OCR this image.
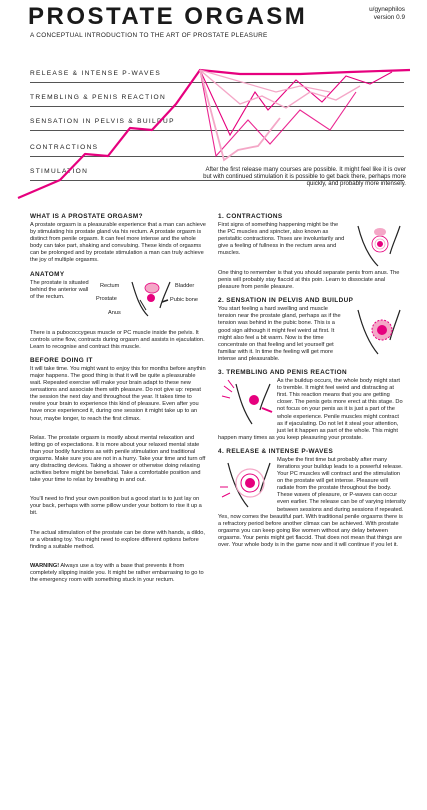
PROSTATE ORGASM
A CONCEPTUAL INTRODUCTION TO THE ART OF PROSTATE PLEASURE
u/gynephilos
version 0.9
RELEASE & INTENSE P-WAVES
TREMBLING & PENIS REACTION
SENSATION IN PELVIS & BUILDUP
CONTRACTIONS
STIMULATION	After the first release many courses are possible. It might feel like it is over but with continued stimulation it is possible to get back there, perhaps more quickly, and probably more intensely.
WHAT IS A PROSTATE ORGASM?

A prostate orgasm is a pleasurable experience that a man can achieve by stimulating his prostate gland via his rectum. A prostate orgasm is distinct from penile orgasm. It can feel more intense and the whole body can take part, shaking and convulsing. These kinds of orgasms can be prolonged and by prostate stimulation a man can truly achieve the joy of multiple orgasms.

ANATOMY
The prostate is situated behind the anterior wall of the rectum.
Rectum
Prostate
Anus
Bladder
Pubic bone

There is a pubococcygeus muscle or PC muscle inside the pelvis. It controls urine flow, contracts during orgasm and assists in ejaculation. Learn to recognise and contract this muscle.

BEFORE DOING IT

It will take time. You might want to enjoy this for months before anythin major happens. The good thing is that it will be quite a pleasurable wait. Repeated exercise will make your brain adapt to these new sensations and associate them with pleasure. Do not give up: repeat the session the next day and throughout the year. It takes time to rewire your brain to experience this kind of pleasure. Even after you have once experienced it, during one session it might take up to an hour, maybe longer, to reach the first climax.

Relax. The prostate orgasm is mostly about mental relaxation and letting go of expectations. It is more about your relaxed mental state than your bodily functions as with penile stimulation and traditional orgasms. Make sure you are not in a hurry. Take your time and turn off any distracting devices. Taking a shower or otherwise doing relaxing activities before might be beneficial. Take a comfortable position and take your time to relax by breathing in and out.

You'll need to find your own position but a good start is to just lay on your back, perhaps with some pillow under your bottom to rise it up a bit.

The actual stimulation of the prostate can be done with hands, a dildo, or a vibrating toy. You might need to explore different options before finding a suitable method.

WARNING! Always use a toy with a base that prevents it from completely slipping inside you. It might be rather embarrasing to go to the emergency room with something stuck in your rectum.

1. CONTRACTIONS

First signs of something happening might be the the PC muscles and spincter, also known as peristaltic contractions. Thses are involuntarily and give a feeling of fullness in the rectum area and muscles.

One thing to remember is that you should separate penis from anus. The penis will probably stay flaccid at this poin. Learn to dissociate anal pleasure from penile pleasure.

2. SENSATION IN PELVIS AND BUILDUP

You start feeling a hard swelling and muscle tension near the prostate gland, perhaps as if the tension was behind in the pubic bone. This is a good sign although it might feel weird at first. It might also feel a bit warm. Now is the time concentrate on that feeling and let yourself get familiar with it. In time the feeling will get more intense and pleasurable.

3. TREMBLING AND PENIS REACTION

As the buildup occurs, the whole body might start to tremble. It might feel weird and distracting at first. This reaction means that you are getting closer. The penis gets more erect at this stage. Do not focus on your penis as it is just a part of the whole experience. Penile muscles might contract as if ejaculating. Do not let it steal your attention, just let it happen as part of the whole. This might happen many times as you keep pleasuring your prostate.

4. RELEASE & INTENSE P-WAVES

Maybe the first time but probably after many iterations your buildup leads to a powerful release. Your PC muscles will contract and the stimulation on the prostate will get intense. Pleasure will radiate from the prostate throughout the body. These waves of pleasure, or P-waves can occur even earlier. The release can be of varying intensity between sessions and during sessions if repeated. Yes, now comes the beautiful part. With traditional penile orgasms there is a refractory period before another climax can be achieved. With prostate orgasms you can keep going like women without any delay between orgasms. Your penis might get flaccid. That does not mean that things are over. Your whole body is in the game now and it will continue if you let it.
